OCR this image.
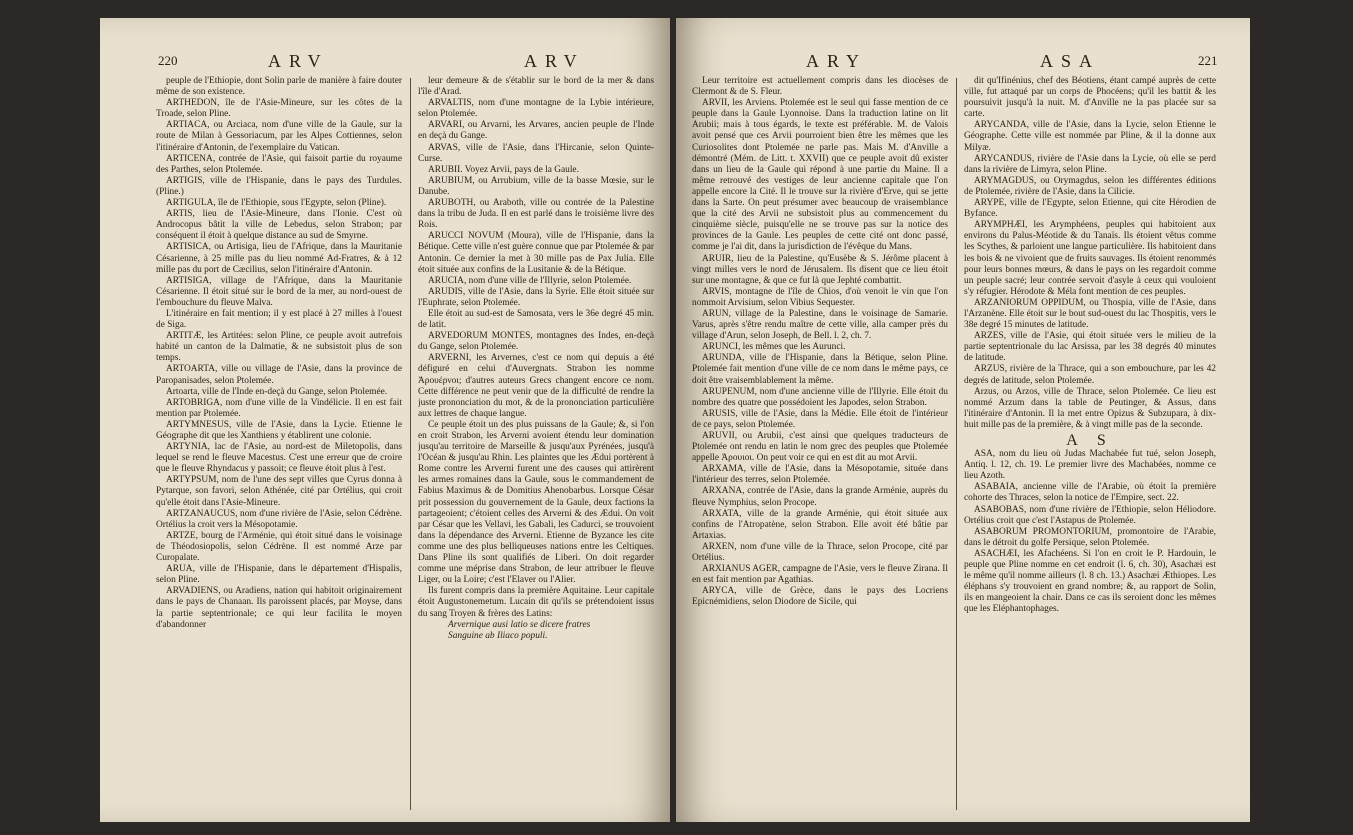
220	ARV	ARV

peuple de l'Ethiopie, dont Solin parle de manière à faire douter même de son existence.

ARTHEDON, île de l'Asie-Mineure, sur les côtes de la Troade, selon Pline.

ARTIACA, ou Arciaca, nom d'une ville de la Gaule, sur la route de Milan à Gessoriacum, par les Alpes Cottiennes, selon l'itinéraire d'Antonin, de l'exemplaire du Vatican.

ARTICENA, contrée de l'Asie, qui faisoit partie du royaume des Parthes, selon Ptolemée.

ARTIGIS, ville de l'Hispanie, dans le pays des Turdules. (Pline.)

ARTIGULA, île de l'Ethiopie, sous l'Egypte, selon (Pline).

ARTIS, lieu de l'Asie-Mineure, dans l'Ionie. C'est où Androcopus bâtit la ville de Lebedus, selon Strabon; par conséquent il étoit à quelque distance au sud de Smyrne.

ARTISICA, ou Artisiga, lieu de l'Afrique, dans la Mauritanie Césarienne, à 25 mille pas du lieu nommé Ad-Fratres, & à 12 mille pas du port de Cæcilius, selon l'itinéraire d'Antonin.

ARTISIGA, village de l'Afrique, dans la Mauritanie Césarienne. Il étoit situé sur le bord de la mer, au nord-ouest de l'embouchure du fleuve Malva.

L'itinéraire en fait mention; il y est placé à 27 milles à l'ouest de Siga.

ARTITÆ, les Artitées: selon Pline, ce peuple avoit autrefois habité un canton de la Dalmatie, & ne subsistoit plus de son temps.

ARTOARTA, ville ou village de l'Asie, dans la province de Paropanisades, selon Ptolemée.

Artoarta, ville de l'Inde en-deçà du Gange, selon Ptolemée.

ARTOBRIGA, nom d'une ville de la Vindélicie. Il en est fait mention par Ptolemée.

ARTYMNESUS, ville de l'Asie, dans la Lycie. Etienne le Géographe dit que les Xanthiens y établirent une colonie.

ARTYNIA, lac de l'Asie, au nord-est de Miletopolis, dans lequel se rend le fleuve Macestus. C'est une erreur que de croire que le fleuve Rhyndacus y passoit; ce fleuve étoit plus à l'est.

ARTYPSUM, nom de l'une des sept villes que Cyrus donna à Pytarque, son favori, selon Athénée, cité par Ortélius, qui croit qu'elle étoit dans l'Asie-Mineure.

ARTZANAUCUS, nom d'une rivière de l'Asie, selon Cédrène. Ortélius la croit vers la Mésopotamie.

ARTZE, bourg de l'Arménie, qui étoit situé dans le voisinage de Théodosiopolis, selon Cédrène. Il est nommé Arze par Curopalate.

ARUA, ville de l'Hispanie, dans le département d'Hispalis, selon Pline.

ARVADIENS, ou Aradiens, nation qui habitoit originairement dans le pays de Chanaan. Ils paroissent placés, par Moyse, dans la partie septentrionale; ce qui leur facilita le moyen d'abandonner

leur demeure & de s'établir sur le bord de la mer & dans l'île d'Arad.

ARVALTIS, nom d'une montagne de la Lybie intérieure, selon Ptolemée.

ARVARI, ou Arvarni, les Arvares, ancien peuple de l'Inde en deçà du Gange.

ARVAS, ville de l'Asie, dans l'Hircanie, selon Quinte-Curse.

ARUBII. Voyez Arvii, pays de la Gaule.

ARUBIUM, ou Arrubium, ville de la basse Mœsie, sur le Danube.

ARUBOTH, ou Araboth, ville ou contrée de la Palestine dans la tribu de Juda. Il en est parlé dans le troisième livre des Rois.

ARUCCI NOVUM (Moura), ville de l'Hispanie, dans la Bétique. Cette ville n'est guère connue que par Ptolemée & par Antonin. Ce dernier la met à 30 mille pas de Pax Julia. Elle étoit située aux confins de la Lusitanie & de la Bétique.

ARUCIA, nom d'une ville de l'Illyrie, selon Ptolemée.

ARUDIS, ville de l'Asie, dans la Syrie. Elle étoit située sur l'Euphrate, selon Ptolemée.

Elle étoit au sud-est de Samosata, vers le 36e degré 45 min. de latit.

ARVEDORUM MONTES, montagnes des Indes, en-deçà du Gange, selon Ptolemée.

ARVERNI, les Arvernes, c'est ce nom qui depuis a été défiguré en celui d'Auvergnats. Strabon les nomme Ἀρουέρνοι; d'autres auteurs Grecs changent encore ce nom. Cette différence ne peut venir que de la difficulté de rendre la juste prononciation du mot, & de la prononciation particulière aux lettres de chaque langue.

Ce peuple étoit un des plus puissans de la Gaule; &, si l'on en croit Strabon, les Arverni avoient étendu leur domination jusqu'au territoire de Marseille & jusqu'aux Pyrénées, jusqu'à l'Océan & jusqu'au Rhin. Les plaintes que les Ædui portèrent à Rome contre les Arverni furent une des causes qui attirèrent les armes romaines dans la Gaule, sous le commandement de Fabius Maximus & de Domitius Ahenobarbus. Lorsque César prit possession du gouvernement de la Gaule, deux factions la partageoient; c'étoient celles des Arverni & des Ædui. On voit par César que les Vellavi, les Gabali, les Cadurci, se trouvoient dans la dépendance des Arverni. Etienne de Byzance les cite comme une des plus belliqueuses nations entre les Celtiques. Dans Pline ils sont qualifiés de Liberi. On doit regarder comme une méprise dans Strabon, de leur attribuer le fleuve Liger, ou la Loire; c'est l'Elaver ou l'Alier.

Ils furent compris dans la première Aquitaine. Leur capitale étoit Augustonemetum. Lucain dit qu'ils se prétendoient issus du sang Troyen & frères des Latins:

Arvernique ausi latio se dicere fratres

Sanguine ab Iliaco populi.

ARY	ASA	221

Leur territoire est actuellement compris dans les diocèses de Clermont & de S. Fleur.

ARVII, les Arviens. Ptolemée est le seul qui fasse mention de ce peuple dans la Gaule Lyonnoise. Dans la traduction latine on lit Arubii; mais à tous égards, le texte est préférable. M. de Valois avoit pensé que ces Arvii pourroient bien être les mêmes que les Curiosolites dont Ptolemée ne parle pas. Mais M. d'Anville a démontré (Mém. de Litt. t. XXVII) que ce peuple avoit dû exister dans un lieu de la Gaule qui répond à une partie du Maine. Il a même retrouvé des vestiges de leur ancienne capitale que l'on appelle encore la Cité. Il le trouve sur la rivière d'Erve, qui se jette dans la Sarte. On peut présumer avec beaucoup de vraisemblance que la cité des Arvii ne subsistoit plus au commencement du cinquième siècle, puisqu'elle ne se trouve pas sur la notice des provinces de la Gaule. Les peuples de cette cité ont donc passé, comme je l'ai dit, dans la jurisdiction de l'évêque du Mans.

ARUIR, lieu de la Palestine, qu'Eusèbe & S. Jérôme placent à vingt milles vers le nord de Jérusalem. Ils disent que ce lieu étoit sur une montagne, & que ce fut là que Jephté combattit.

ARVIS, montagne de l'île de Chios, d'où venoit le vin que l'on nommoit Arvisium, selon Vibius Sequester.

ARUN, village de la Palestine, dans le voisinage de Samarie. Varus, après s'être rendu maître de cette ville, alla camper près du village d'Arun, selon Joseph, de Bell. l. 2, ch. 7.

ARUNCI, les mêmes que les Aurunci.

ARUNDA, ville de l'Hispanie, dans la Bétique, selon Pline. Ptolemée fait mention d'une ville de ce nom dans le même pays, ce doit être vraisemblablement la même.

ARUPENUM, nom d'une ancienne ville de l'Illyrie. Elle étoit du nombre des quatre que possédoient les Japodes, selon Strabon.

ARUSIS, ville de l'Asie, dans la Médie. Elle étoit de l'intérieur de ce pays, selon Ptolemée.

ARUVII, ou Arubii, c'est ainsi que quelques traducteurs de Ptolemée ont rendu en latin le nom grec des peuples que Ptolemée appelle Ἀρουιοι. On peut voir ce qui en est dit au mot Arvii.

ARXAMA, ville de l'Asie, dans la Mésopotamie, située dans l'intérieur des terres, selon Ptolemée.

ARXANA, contrée de l'Asie, dans la grande Arménie, auprès du fleuve Nymphius, selon Procope.

ARXATA, ville de la grande Arménie, qui étoit située aux confins de l'Atropatène, selon Strabon. Elle avoit été bâtie par Artaxias.

ARXEN, nom d'une ville de la Thrace, selon Procope, cité par Ortélius.

ARXIANUS AGER, campagne de l'Asie, vers le fleuve Zirana. Il en est fait mention par Agathias.

ARYCA, ville de Grèce, dans le pays des Locriens Epicnémidiens, selon Diodore de Sicile, qui

dit qu'Ifinénius, chef des Béotiens, étant campé auprès de cette ville, fut attaqué par un corps de Phocéens; qu'il les battit & les poursuivit jusqu'à la nuit. M. d'Anville ne la pas placée sur sa carte.

ARYCANDA, ville de l'Asie, dans la Lycie, selon Etienne le Géographe. Cette ville est nommée par Pline, & il la donne aux Milyæ.

ARYCANDUS, rivière de l'Asie dans la Lycie, où elle se perd dans la rivière de Limyra, selon Pline.

ARYMAGDUS, ou Orymagdus, selon les différentes éditions de Ptolemée, rivière de l'Asie, dans la Cilicie.

ARYPE, ville de l'Egypte, selon Etienne, qui cite Hérodien de Byfance.

ARYMPHÆI, les Arymphéens, peuples qui habitoient aux environs du Palus-Méotide & du Tanaïs. Ils étoient vêtus comme les Scythes, & parloient une langue particulière. Ils habitoient dans les bois & ne vivoient que de fruits sauvages. Ils étoient renommés pour leurs bonnes mœurs, & dans le pays on les regardoit comme un peuple sacré; leur contrée servoit d'asyle à ceux qui vouloient s'y réfugier. Hérodote & Méla font mention de ces peuples.

ARZANIORUM OPPIDUM, ou Thospia, ville de l'Asie, dans l'Arzanène. Elle étoit sur le bout sud-ouest du lac Thospitis, vers le 38e degré 15 minutes de latitude.

ARZES, ville de l'Asie, qui étoit située vers le milieu de la partie septentrionale du lac Arsissa, par les 38 degrés 40 minutes de latitude.

ARZUS, rivière de la Thrace, qui a son embouchure, par les 42 degrés de latitude, selon Ptolemée.

Arzus, ou Arzos, ville de Thrace, selon Ptolemée. Ce lieu est nommé Arzum dans la table de Peutinger, & Assus, dans l'itinéraire d'Antonin. Il la met entre Opizus & Subzupara, à dix-huit mille pas de la première, & à vingt mille pas de la seconde.

A S

ASA, nom du lieu où Judas Machabée fut tué, selon Joseph, Antiq. l. 12, ch. 19. Le premier livre des Machabées, nomme ce lieu Azoth.

ASABAIA, ancienne ville de l'Arabie, où étoit la première cohorte des Thraces, selon la notice de l'Empire, sect. 22.

ASABOBAS, nom d'une rivière de l'Ethiopie, selon Héliodore. Ortélius croit que c'est l'Astapus de Ptolemée.

ASABORUM PROMONTORIUM, promontoire de l'Arabie, dans le détroit du golfe Persique, selon Ptolemée.

ASACHÆI, les Afachéens. Si l'on en croit le P. Hardouin, le peuple que Pline nomme en cet endroit (l. 6, ch. 30), Asachæi est le même qu'il nomme ailleurs (l. 8 ch. 13.) Asachæi Æthiopes. Les éléphans s'y trouvoient en grand nombre; &, au rapport de Solin, ils en mangeoient la chair. Dans ce cas ils seroient donc les mêmes que les Eléphantophages.
